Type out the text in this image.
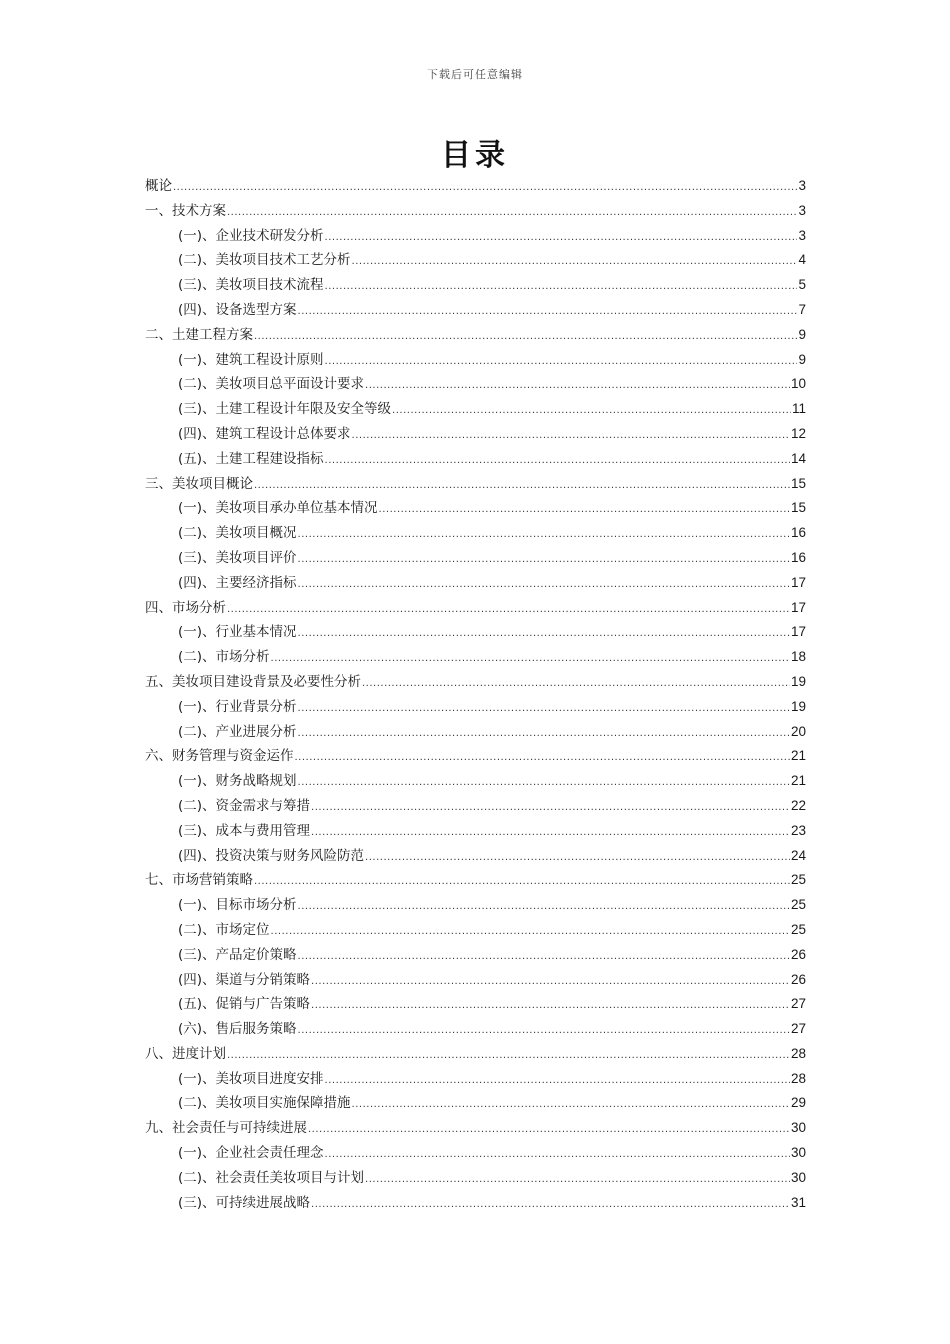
下载后可任意编辑
目录
概论 .....	3
一、技术方案 .....	3
(一)、企业技术研发分析 .....	3
(二)、美妆项目技术工艺分析 .....	4
(三)、美妆项目技术流程 .....	5
(四)、设备选型方案 .....	7
二、土建工程方案 .....	9
(一)、建筑工程设计原则 .....	9
(二)、美妆项目总平面设计要求 .....	10
(三)、土建工程设计年限及安全等级 .....	11
(四)、建筑工程设计总体要求 .....	12
(五)、土建工程建设指标 .....	14
三、美妆项目概论 .....	15
(一)、美妆项目承办单位基本情况 .....	15
(二)、美妆项目概况 .....	16
(三)、美妆项目评价 .....	16
(四)、主要经济指标 .....	17
四、市场分析 .....	17
(一)、行业基本情况 .....	17
(二)、市场分析 .....	18
五、美妆项目建设背景及必要性分析 .....	19
(一)、行业背景分析 .....	19
(二)、产业进展分析 .....	20
六、财务管理与资金运作 .....	21
(一)、财务战略规划 .....	21
(二)、资金需求与筹措 .....	22
(三)、成本与费用管理 .....	23
(四)、投资决策与财务风险防范 .....	24
七、市场营销策略 .....	25
(一)、目标市场分析 .....	25
(二)、市场定位 .....	25
(三)、产品定价策略 .....	26
(四)、渠道与分销策略 .....	26
(五)、促销与广告策略 .....	27
(六)、售后服务策略 .....	27
八、进度计划 .....	28
(一)、美妆项目进度安排 .....	28
(二)、美妆项目实施保障措施 .....	29
九、社会责任与可持续进展 .....	30
(一)、企业社会责任理念 .....	30
(二)、社会责任美妆项目与计划 .....	30
(三)、可持续进展战略 .....	31
